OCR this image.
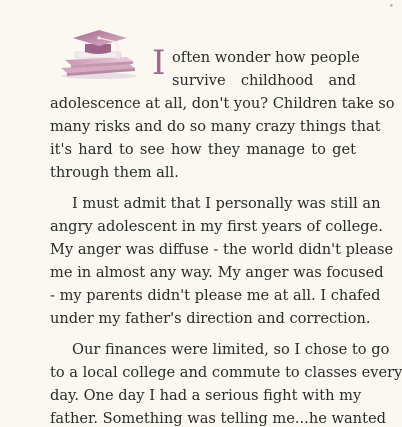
•
I often wonder how people
survive childhood and
adolescence at all, don't you? Children take so
many risks and do so many crazy things that
it's hard to see how they manage to get
through them all.
I must admit that I personally was still an
angry adolescent in my first years of college.
My anger was diffuse - the world didn't please
me in almost any way. My anger was focused
- my parents didn't please me at all. I chafed
under my father's direction and correction.
Our finances were limited, so I chose to go
to a local college and commute to classes every
day. One day I had a serious fight with my
father. Something was telling me...he wanted
